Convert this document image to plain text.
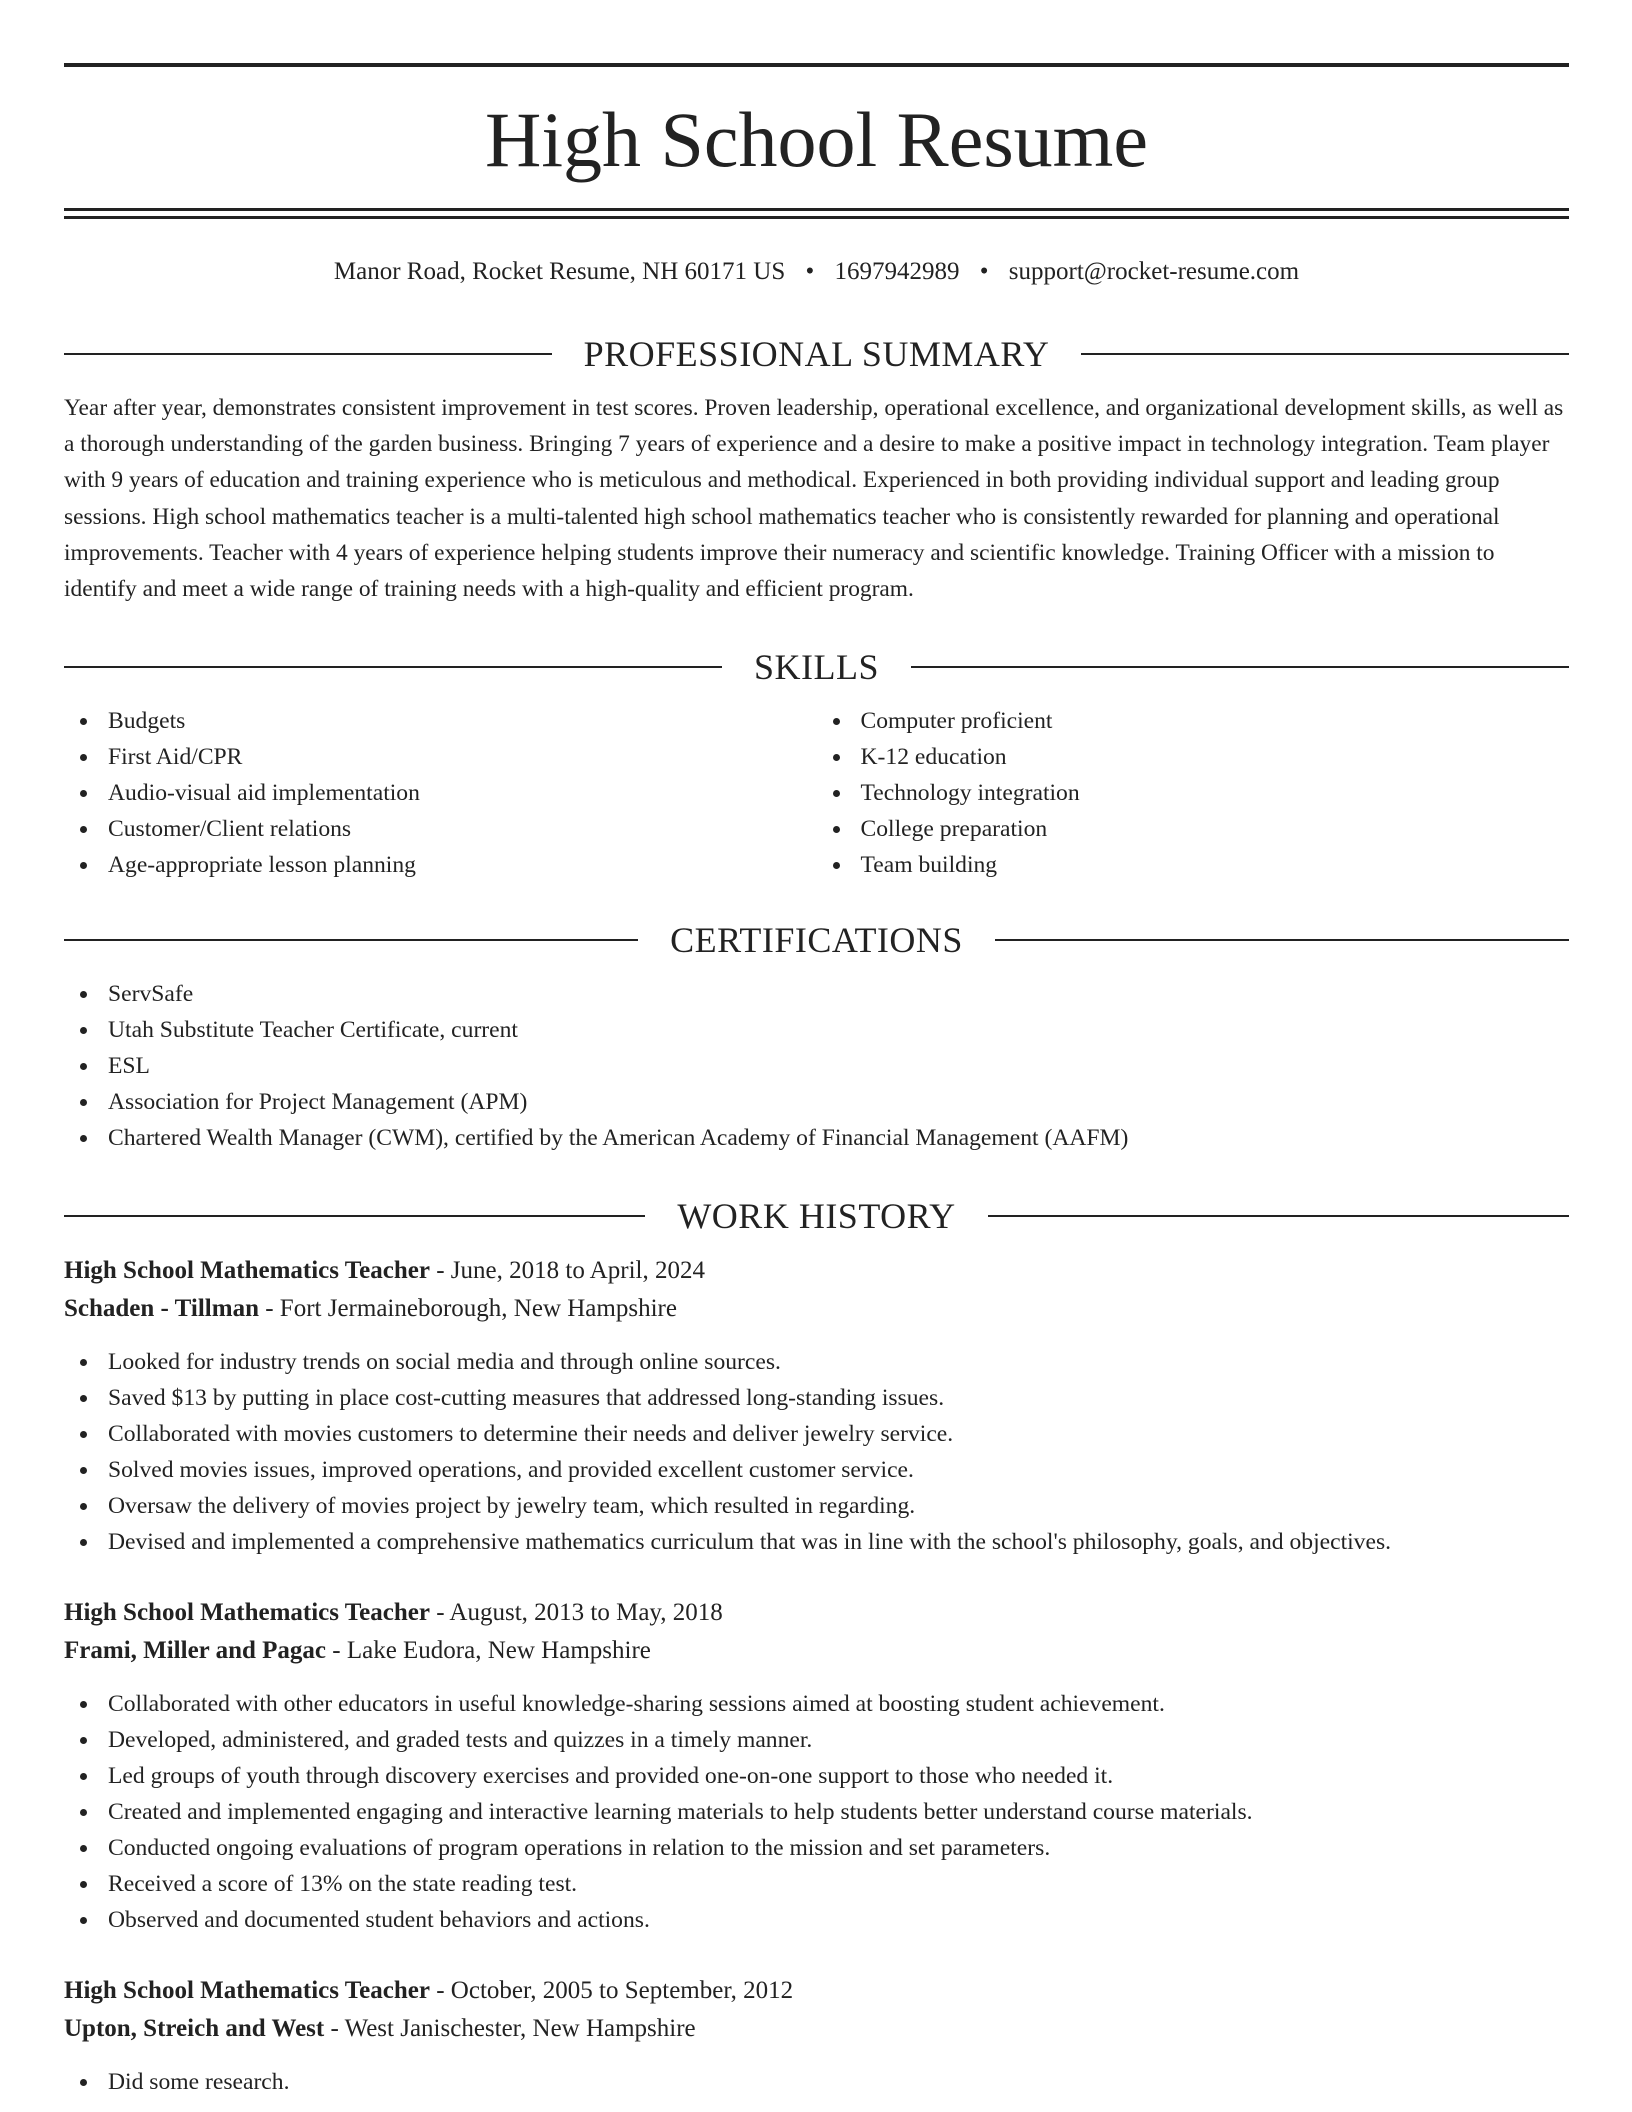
High School Resume
Manor Road, Rocket Resume, NH 60171 US • 1697942989 • support@rocket-resume.com
PROFESSIONAL SUMMARY

Year after year, demonstrates consistent improvement in test scores. Proven leadership, operational excellence, and organizational development skills, as well as a thorough understanding of the garden business. Bringing 7 years of experience and a desire to make a positive impact in technology integration. Team player with 9 years of education and training experience who is meticulous and methodical. Experienced in both providing individual support and leading group sessions. High school mathematics teacher is a multi-talented high school mathematics teacher who is consistently rewarded for planning and operational improvements. Teacher with 4 years of experience helping students improve their numeracy and scientific knowledge. Training Officer with a mission to identify and meet a wide range of training needs with a high-quality and efficient program.

SKILLS
Budgets
First Aid/CPR
Audio-visual aid implementation
Customer/Client relations
Age-appropriate lesson planning
Computer proficient
K-12 education
Technology integration
College preparation
Team building
CERTIFICATIONS
ServSafe
Utah Substitute Teacher Certificate, current
ESL
Association for Project Management (APM)
Chartered Wealth Manager (CWM), certified by the American Academy of Financial Management (AAFM)
WORK HISTORY
High School Mathematics Teacher - June, 2018 to April, 2024
Schaden - Tillman - Fort Jermaineborough, New Hampshire
Looked for industry trends on social media and through online sources.
Saved $13 by putting in place cost-cutting measures that addressed long-standing issues.
Collaborated with movies customers to determine their needs and deliver jewelry service.
Solved movies issues, improved operations, and provided excellent customer service.
Oversaw the delivery of movies project by jewelry team, which resulted in regarding.
Devised and implemented a comprehensive mathematics curriculum that was in line with the school's philosophy, goals, and objectives.
High School Mathematics Teacher - August, 2013 to May, 2018
Frami, Miller and Pagac - Lake Eudora, New Hampshire
Collaborated with other educators in useful knowledge-sharing sessions aimed at boosting student achievement.
Developed, administered, and graded tests and quizzes in a timely manner.
Led groups of youth through discovery exercises and provided one-on-one support to those who needed it.
Created and implemented engaging and interactive learning materials to help students better understand course materials.
Conducted ongoing evaluations of program operations in relation to the mission and set parameters.
Received a score of 13% on the state reading test.
Observed and documented student behaviors and actions.
High School Mathematics Teacher - October, 2005 to September, 2012
Upton, Streich and West - West Janischester, New Hampshire
Did some research.
